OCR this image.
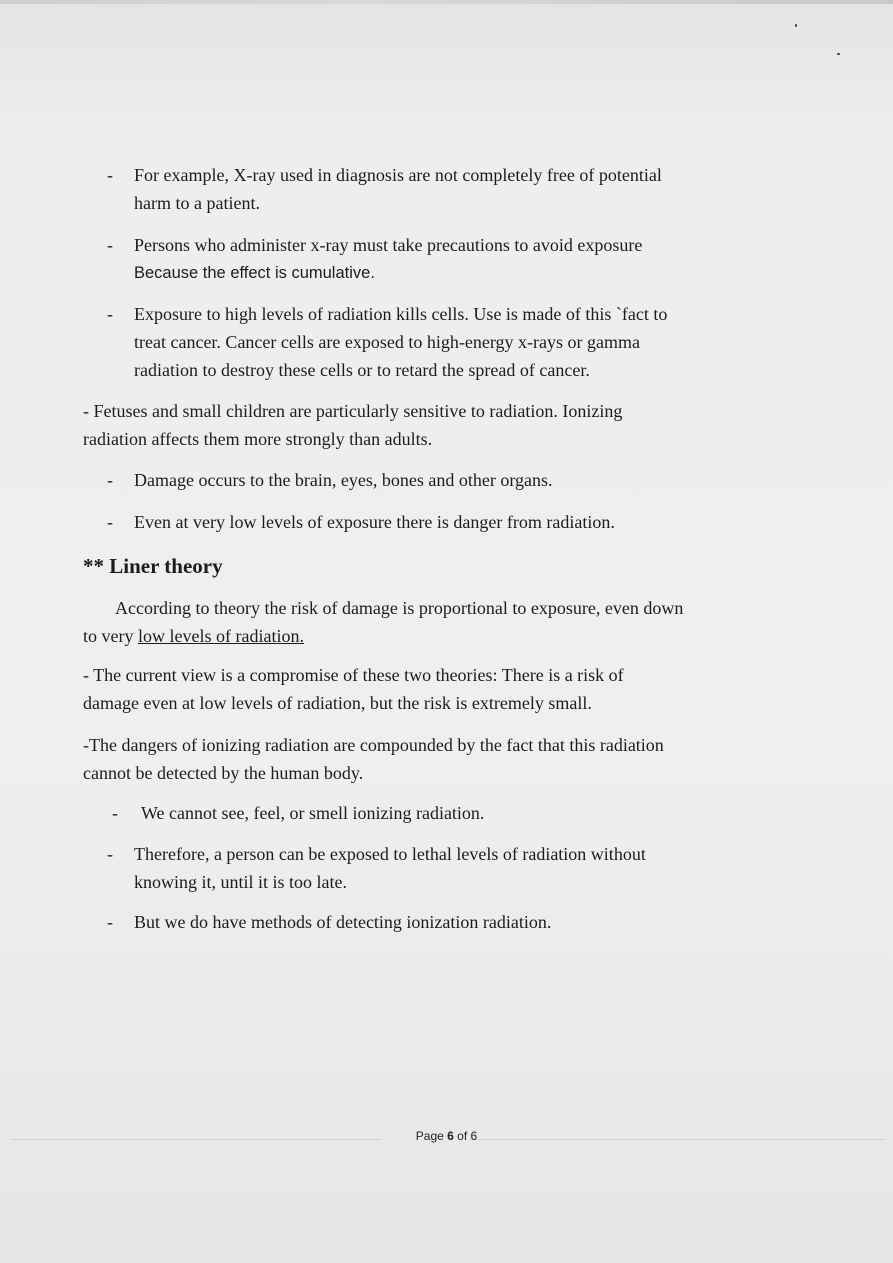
- For example, X-ray used in diagnosis are not completely free of potential
harm to a patient.
- Persons who administer x-ray must take precautions to avoid exposure
Because the effect is cumulative.
- Exposure to high levels of radiation kills cells. Use is made of this `fact to
treat cancer. Cancer cells are exposed to high-energy x-rays or gamma
radiation to destroy these cells or to retard the spread of cancer.
- Fetuses and small children are particularly sensitive to radiation. Ionizing
radiation affects them more strongly than adults.
- Damage occurs to the brain, eyes, bones and other organs.
- Even at very low levels of exposure there is danger from radiation.
** Liner theory
According to theory the risk of damage is proportional to exposure, even down
to very low levels of radiation.
- The current view is a compromise of these two theories: There is a risk of
damage even at low levels of radiation, but the risk is extremely small.
-The dangers of ionizing radiation are compounded by the fact that this radiation
cannot be detected by the human body.
- We cannot see, feel, or smell ionizing radiation.
- Therefore, a person can be exposed to lethal levels of radiation without
knowing it, until it is too late.
- But we do have methods of detecting ionization radiation.
Page 6 of 6
